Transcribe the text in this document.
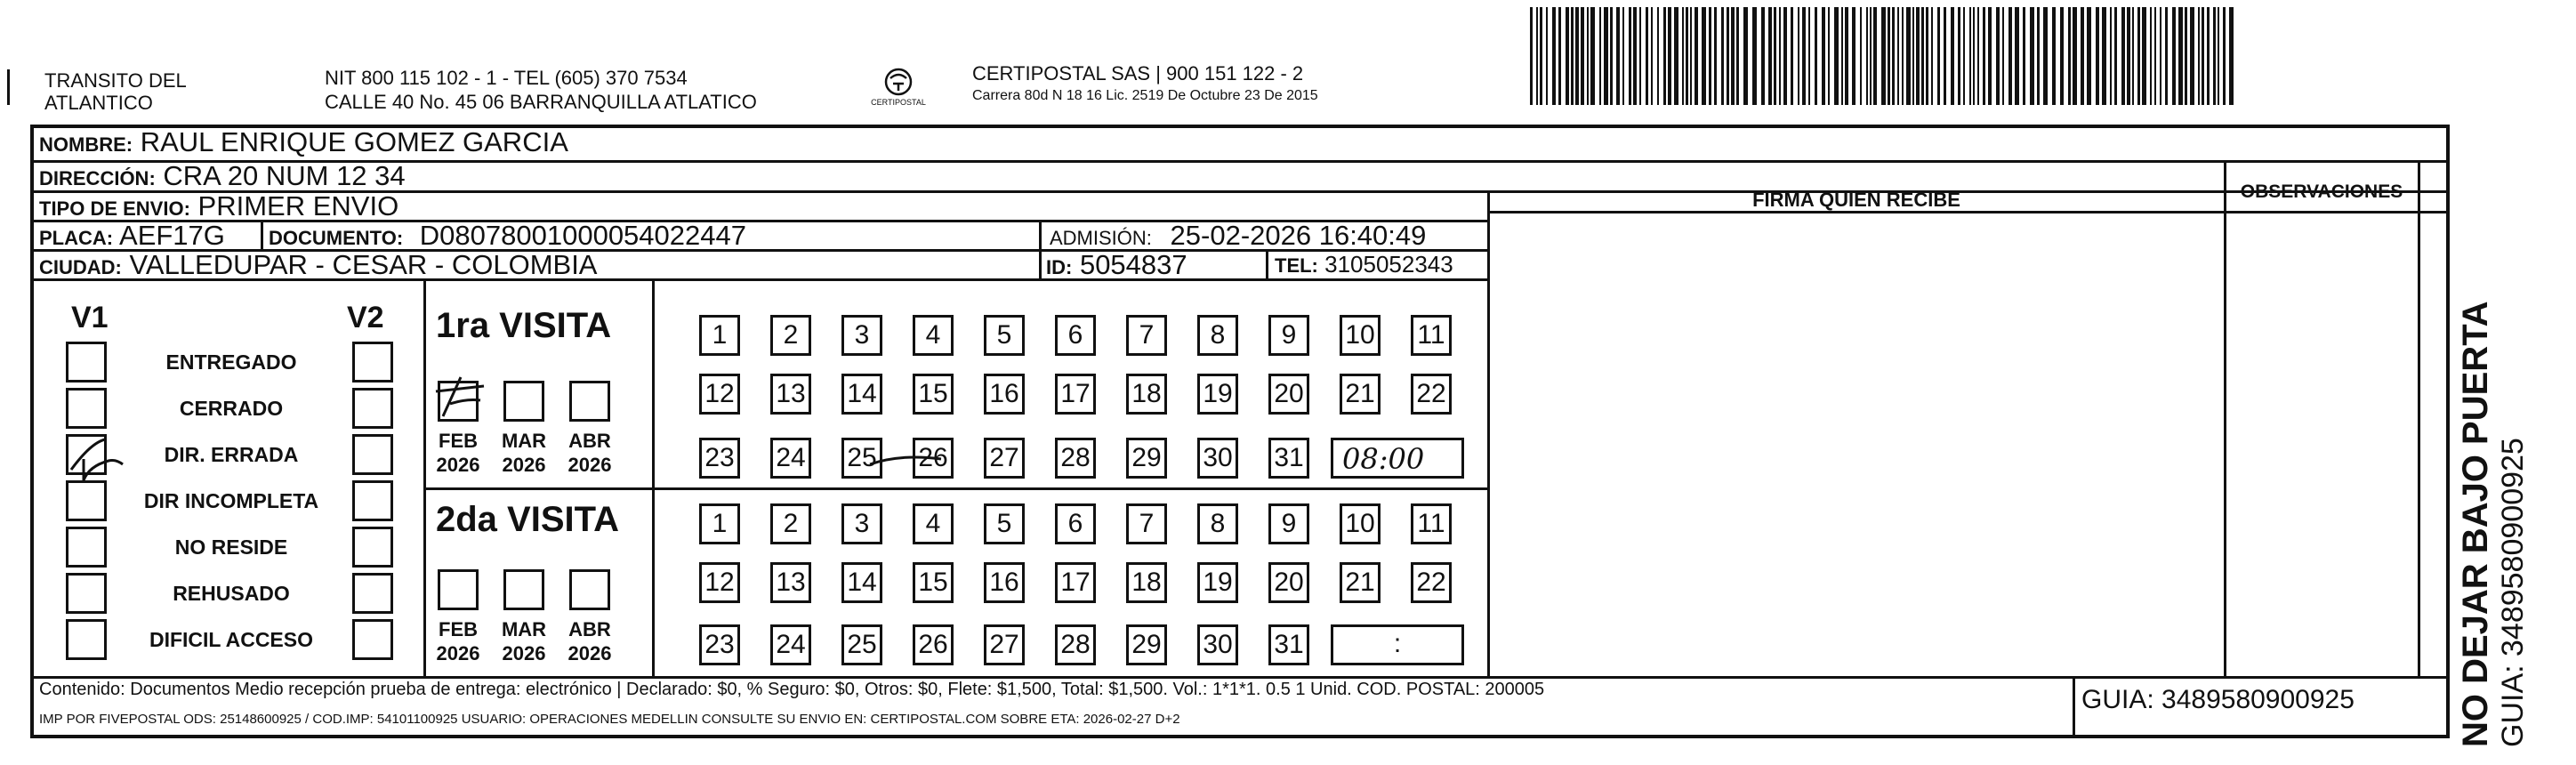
TRANSITO DEL
ATLANTICO
NIT 800 115 102 - 1 - TEL (605) 370 7534
CALLE 40 No. 45 06 BARRANQUILLA ATLATICO	CERTIPOSTAL
CERTIPOSTAL SAS | 900 151 122 - 2
Carrera 80d N 18 16 Lic. 2519 De Octubre 23 De 2015
NOMBRE: RAUL ENRIQUE GOMEZ GARCIA
DIRECCIÓN: CRA 20 NUM 12 34
TIPO DE ENVIO: PRIMER ENVIO
PLACA: AEF17G DOCUMENTO: D08078001000054022447	ADMISIÓN: 25-02-2026 16:40:49
CIUDAD: VALLEDUPAR - CESAR - COLOMBIA	ID: 5054837	TEL: 3105052343
FIRMA QUIEN RECIBE	OBSERVACIONES
V1	V2
ENTREGADO
CERRADO
DIR. ERRADA
DIR INCOMPLETA
NO RESIDE
REHUSADO
DIFICIL ACCESO
1ra VISITA
2da VISITA
FEB
2026
MAR
2026
ABR
2026
FEB
2026
MAR
2026
ABR
2026
1	2	3	4	5	6	7	8	9	10 11
12 13 14 15 16 17 18 19 20 21 22
23 24 25 26 27 28 29 30 31
1	2	3	4	5	6	7	8	9	10 11
12 13 14 15 16 17 18 19 20 21 22
23 24 25 26 27 28 29 30 31
08:00
:
Contenido: Documentos Medio recepción prueba de entrega: electrónico | Declarado: $0, % Seguro: $0, Otros: $0, Flete: $1,500, Total: $1,500. Vol.: 1*1*1. 0.5 1 Unid. COD. POSTAL: 200005
IMP POR FIVEPOSTAL ODS: 25148600925 / COD.IMP: 54101100925 USUARIO: OPERACIONES MEDELLIN CONSULTE SU ENVIO EN: CERTIPOSTAL.COM SOBRE ETA: 2026-02-27 D+2
GUIA: 3489580900925	NO DEJAR BAJO PUERTA GUIA: 3489580900925
